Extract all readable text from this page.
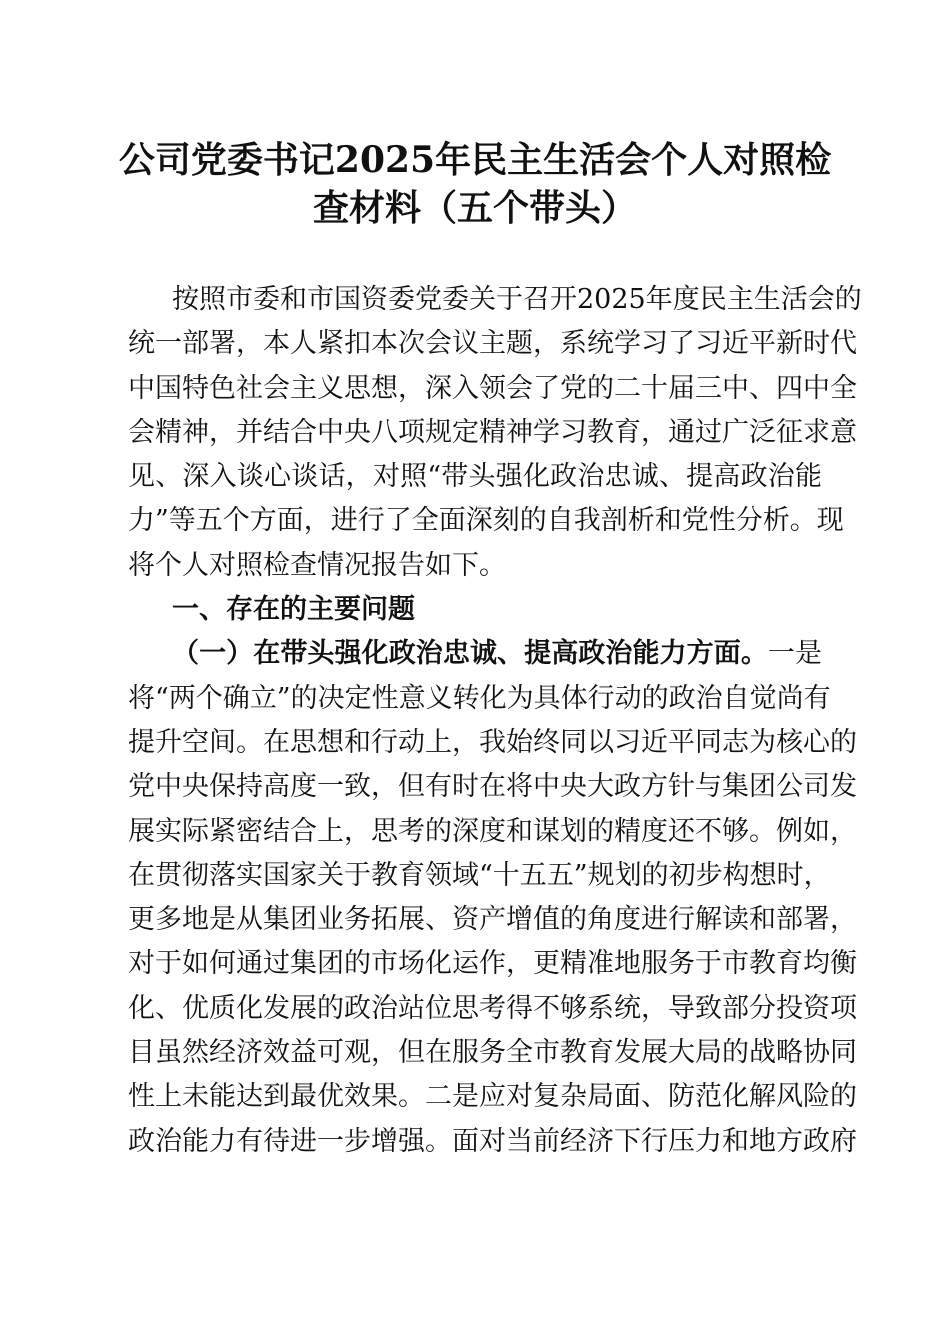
公司党委书记2025年民主生活会个人对照检
查材料（五个带头）
按照市委和市国资委党委关于召开2025年度民主生活会的
统一部署，本人紧扣本次会议主题，系统学习了习近平新时代
中国特色社会主义思想，深入领会了党的二十届三中、四中全
会精神，并结合中央八项规定精神学习教育，通过广泛征求意
见、深入谈心谈话，对照“带头强化政治忠诚、提高政治能
力”等五个方面，进行了全面深刻的自我剖析和党性分析。现
将个人对照检查情况报告如下。
一、存在的主要问题
（一）在带头强化政治忠诚、提高政治能力方面。一是
将“两个确立”的决定性意义转化为具体行动的政治自觉尚有
提升空间。在思想和行动上，我始终同以习近平同志为核心的
党中央保持高度一致，但有时在将中央大政方针与集团公司发
展实际紧密结合上，思考的深度和谋划的精度还不够。例如，
在贯彻落实国家关于教育领域“十五五”规划的初步构想时，
更多地是从集团业务拓展、资产增值的角度进行解读和部署，
对于如何通过集团的市场化运作，更精准地服务于市教育均衡
化、优质化发展的政治站位思考得不够系统，导致部分投资项
目虽然经济效益可观，但在服务全市教育发展大局的战略协同
性上未能达到最优效果。二是应对复杂局面、防范化解风险的
政治能力有待进一步增强。面对当前经济下行压力和地方政府
